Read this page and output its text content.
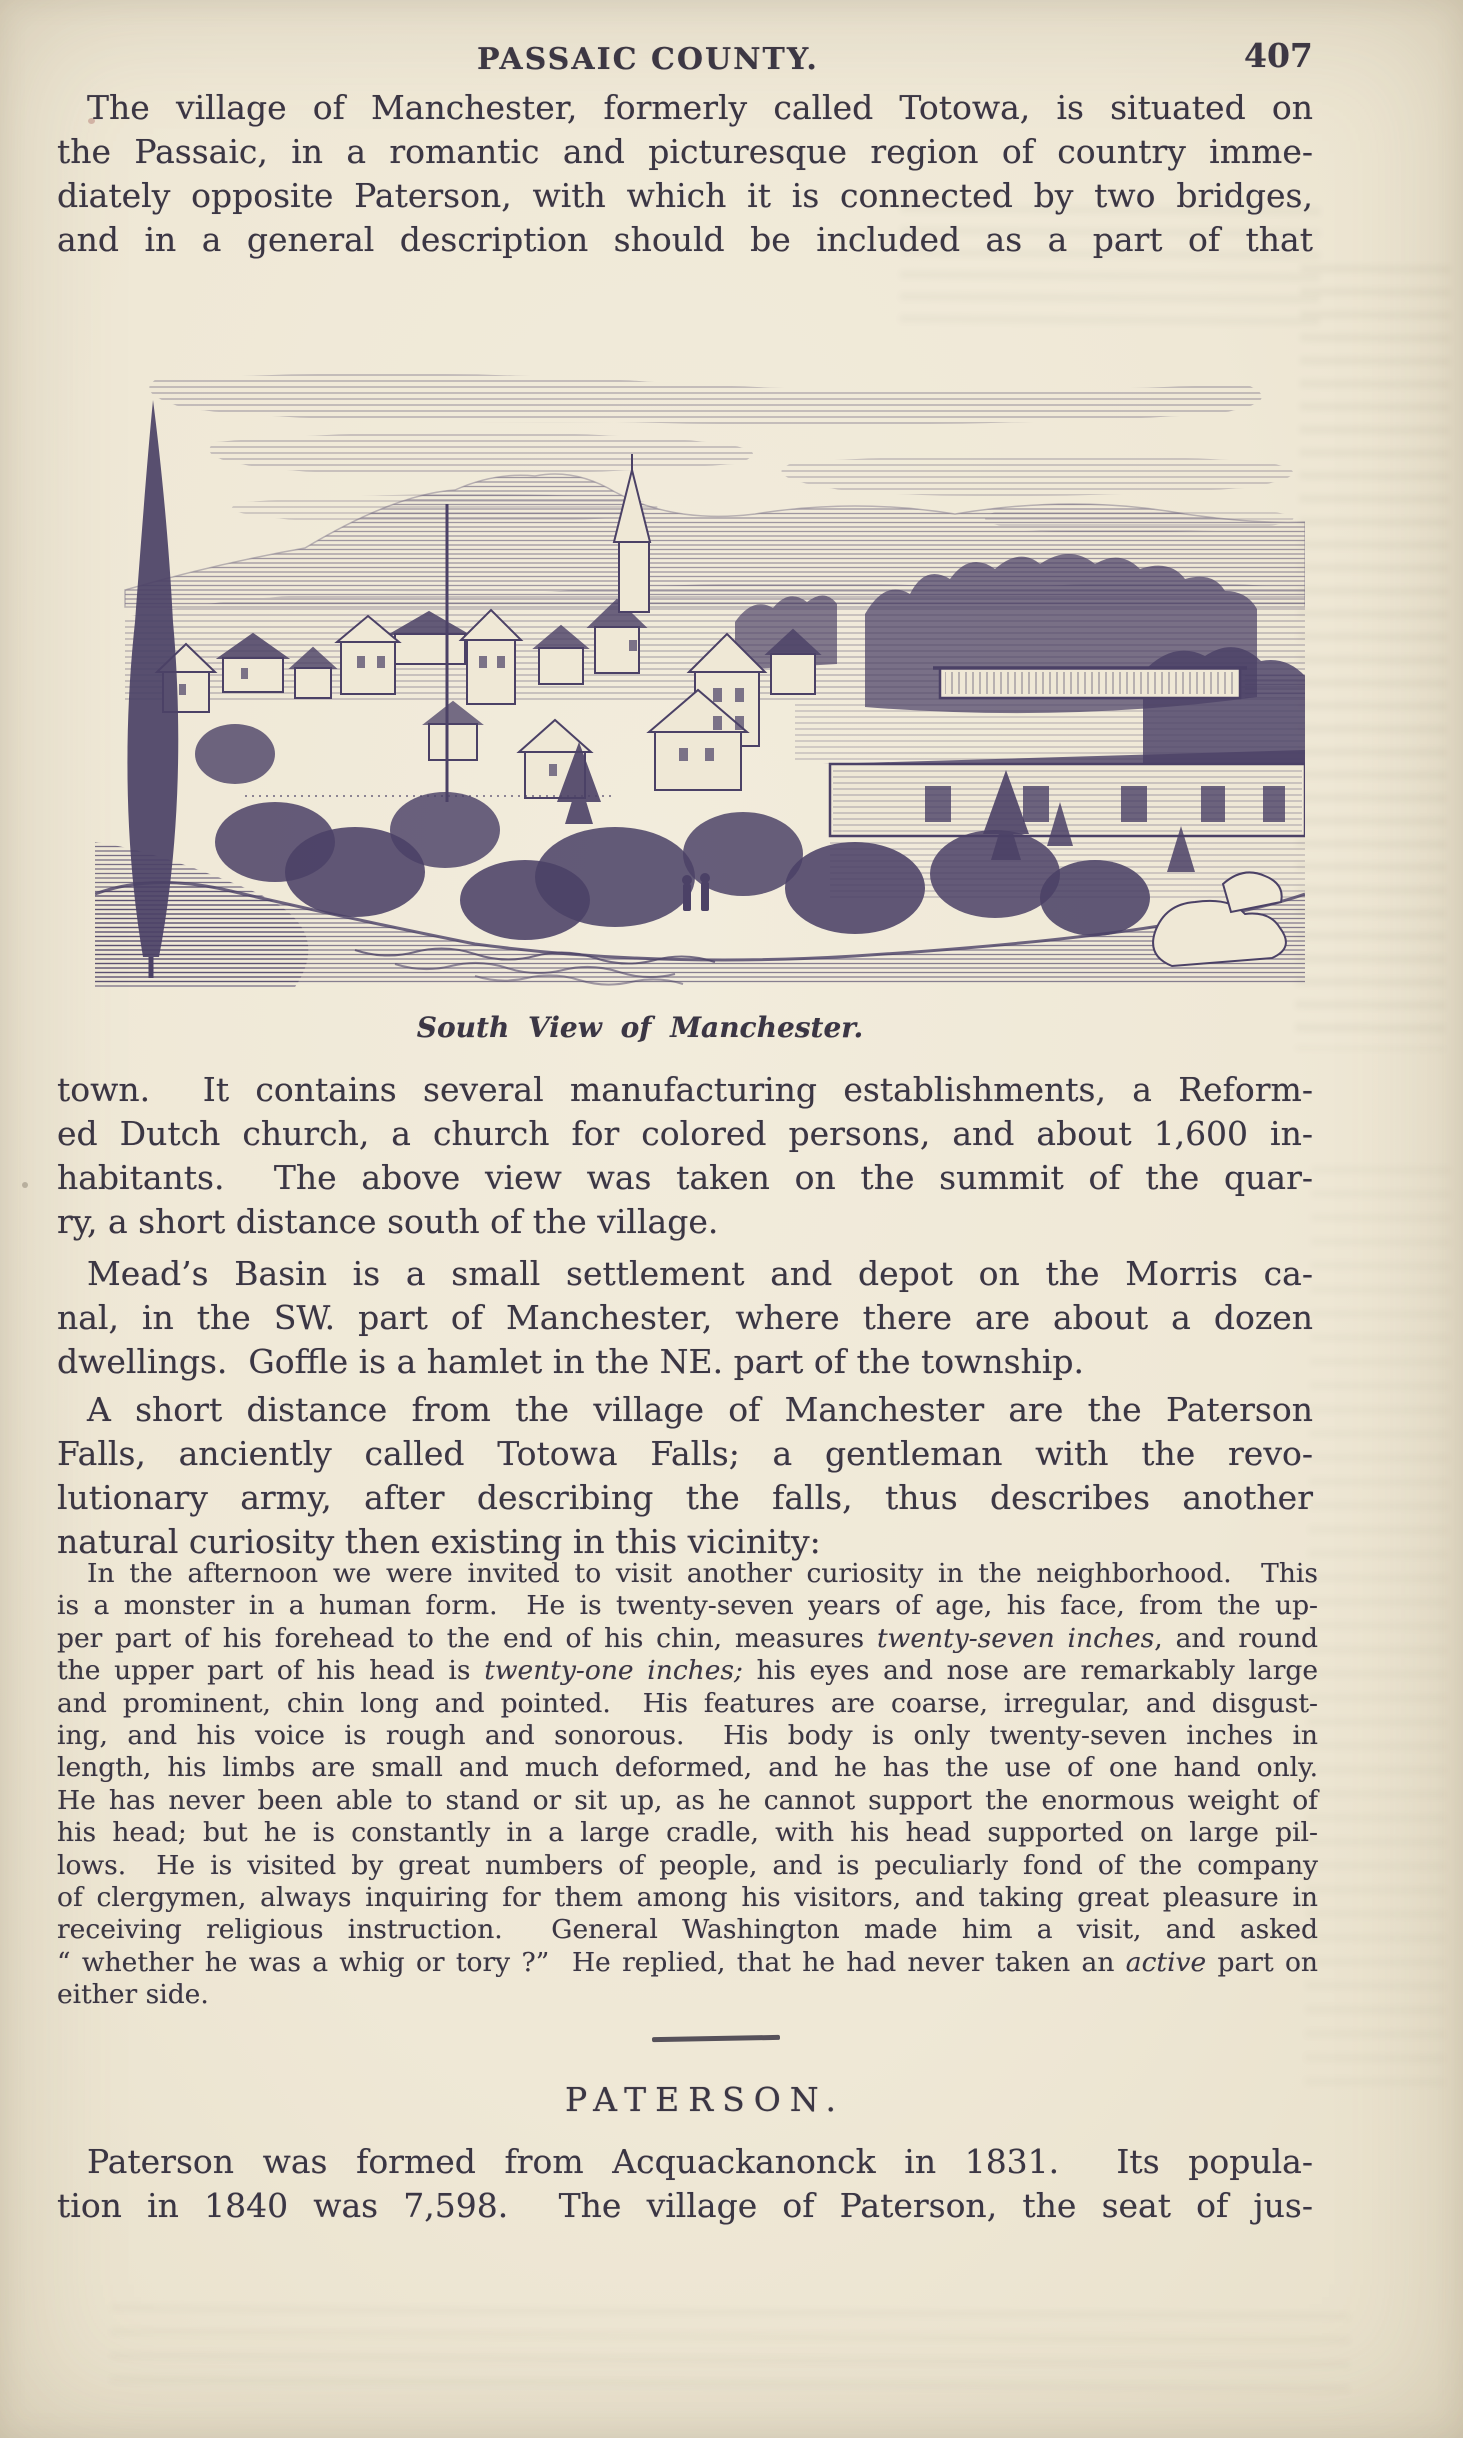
PASSAIC COUNTY.	407
The village of Manchester, formerly called Totowa, is situated on
the Passaic, in a romantic and picturesque region of country imme-
diately opposite Paterson, with which it is connected by two bridges,
and in a general description should be included as a part of that
South View of Manchester.
town.  It contains several manufacturing establishments, a Reform-
ed Dutch church, a church for colored persons, and about 1,600 in-
habitants.  The above view was taken on the summit of the quar-
ry, a short distance south of the village.
Mead’s Basin is a small settlement and depot on the Morris ca-
nal, in the SW. part of Manchester, where there are about a dozen
dwellings.  Goffle is a hamlet in the NE. part of the township.
A short distance from the village of Manchester are the Paterson
Falls, anciently called Totowa Falls; a gentleman with the revo-
lutionary army, after describing the falls, thus describes another
natural curiosity then existing in this vicinity:
In the afternoon we were invited to visit another curiosity in the neighborhood.  This
is a monster in a human form.  He is twenty-seven years of age, his face, from the up-
per part of his forehead to the end of his chin, measures twenty-seven inches, and round
the upper part of his head is twenty-one inches; his eyes and nose are remarkably large
and prominent, chin long and pointed.  His features are coarse, irregular, and disgust-
ing, and his voice is rough and sonorous.  His body is only twenty-seven inches in
length, his limbs are small and much deformed, and he has the use of one hand only.
He has never been able to stand or sit up, as he cannot support the enormous weight of
his head; but he is constantly in a large cradle, with his head supported on large pil-
lows.  He is visited by great numbers of people, and is peculiarly fond of the company
of clergymen, always inquiring for them among his visitors, and taking great pleasure in
receiving religious instruction.  General Washington made him a visit, and asked
“ whether he was a whig or tory ?”  He replied, that he had never taken an active part on
either side.
PATERSON.
Paterson was formed from Acquackanonck in 1831.  Its popula-
tion in 1840 was 7,598.  The village of Paterson, the seat of jus-
